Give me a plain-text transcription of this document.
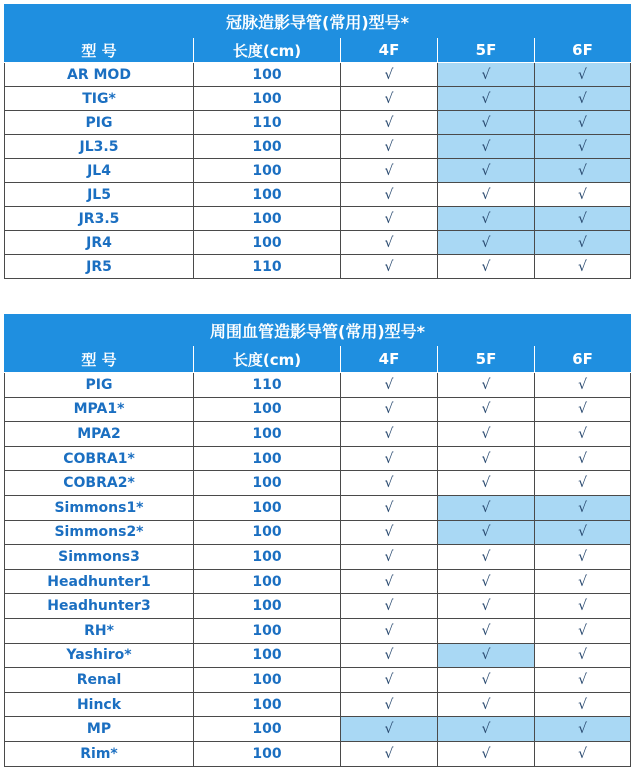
冠脉造影导管(常用)型号*				
型 号	长度(cm)	4F	5F	6F
AR MOD	100	√	√	√
TIG*	100	√	√	√
PIG	110	√	√	√
JL3.5	100	√	√	√
JL4	100	√	√	√
JL5	100	√	√	√
JR3.5	100	√	√	√
JR4	100	√	√	√
JR5	110	√	√	√
周围血管造影导管(常用)型号*				
型 号	长度(cm)	4F	5F	6F
PIG	110	√	√	√
MPA1*	100	√	√	√
MPA2	100	√	√	√
COBRA1*	100	√	√	√
COBRA2*	100	√	√	√
Simmons1*	100	√	√	√
Simmons2*	100	√	√	√
Simmons3	100	√	√	√
Headhunter1	100	√	√	√
Headhunter3	100	√	√	√
RH*	100	√	√	√
Yashiro*	100	√	√	√
Renal	100	√	√	√
Hinck	100	√	√	√
MP	100	√	√	√
Rim*	100	√	√	√
